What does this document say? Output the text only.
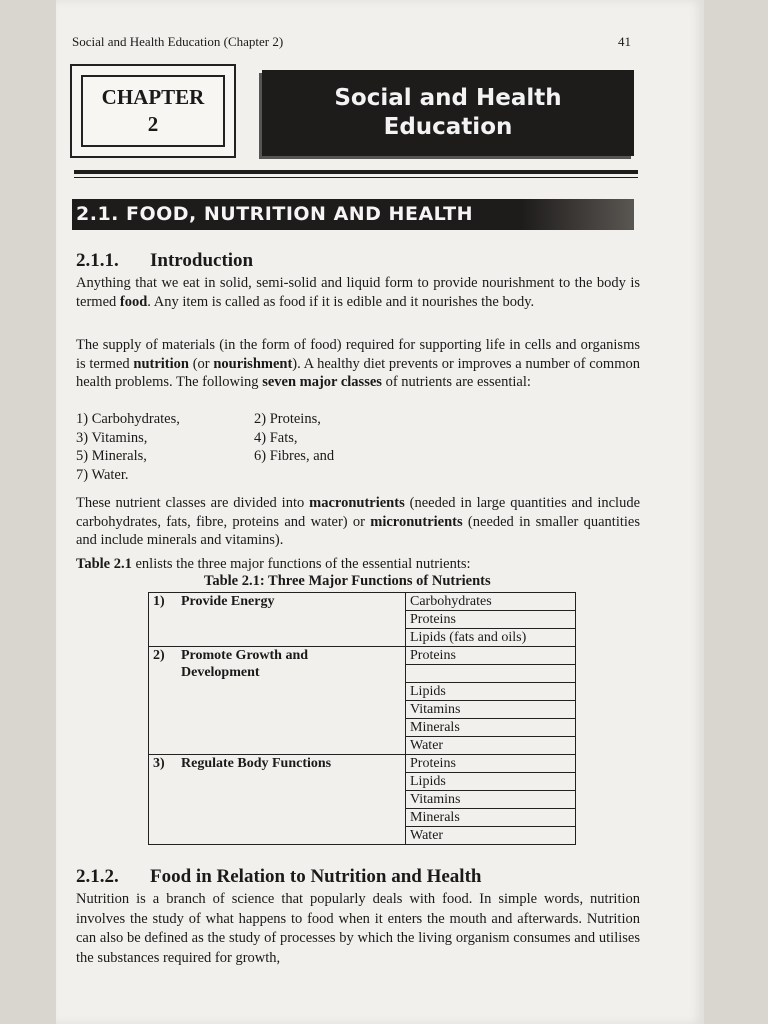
Social and Health Education (Chapter 2)	41
CHAPTER
2
Social and Health
Education
2.1. FOOD, NUTRITION AND HEALTH
2.1.1. Introduction

Anything that we eat in solid, semi-solid and liquid form to provide nourishment to the body is termed food. Any item is called as food if it is edible and it nourishes the body.

The supply of materials (in the form of food) required for supporting life in cells and organisms is termed nutrition (or nourishment). A healthy diet prevents or improves a number of common health problems. The following seven major classes of nutrients are essential:

1) Carbohydrates,	2) Proteins,
3) Vitamins,	4) Fats,
5) Minerals,	6) Fibres, and
7) Water.

These nutrient classes are divided into macronutrients (needed in large quantities and include carbohydrates, fats, fibre, proteins and water) or micronutrients (needed in smaller quantities and include minerals and vitamins).

Table 2.1 enlists the three major functions of the essential nutrients:

Table 2.1: Three Major Functions of Nutrients
1) Provide Energy	Carbohydrates
	Proteins
	Lipids (fats and oils)
2) Promote Growth and Development	Proteins

	Lipids
	Vitamins
	Minerals
	Water
3) Regulate Body Functions	Proteins
	Lipids
	Vitamins
	Minerals
	Water
2.1.2. Food in Relation to Nutrition and Health
Nutrition is a branch of science that popularly deals with food. In simple words, nutrition involves the study of what happens to food when it enters the mouth and afterwards. Nutrition can also be defined as the study of processes by which the living organism consumes and utilises the substances required for growth,
